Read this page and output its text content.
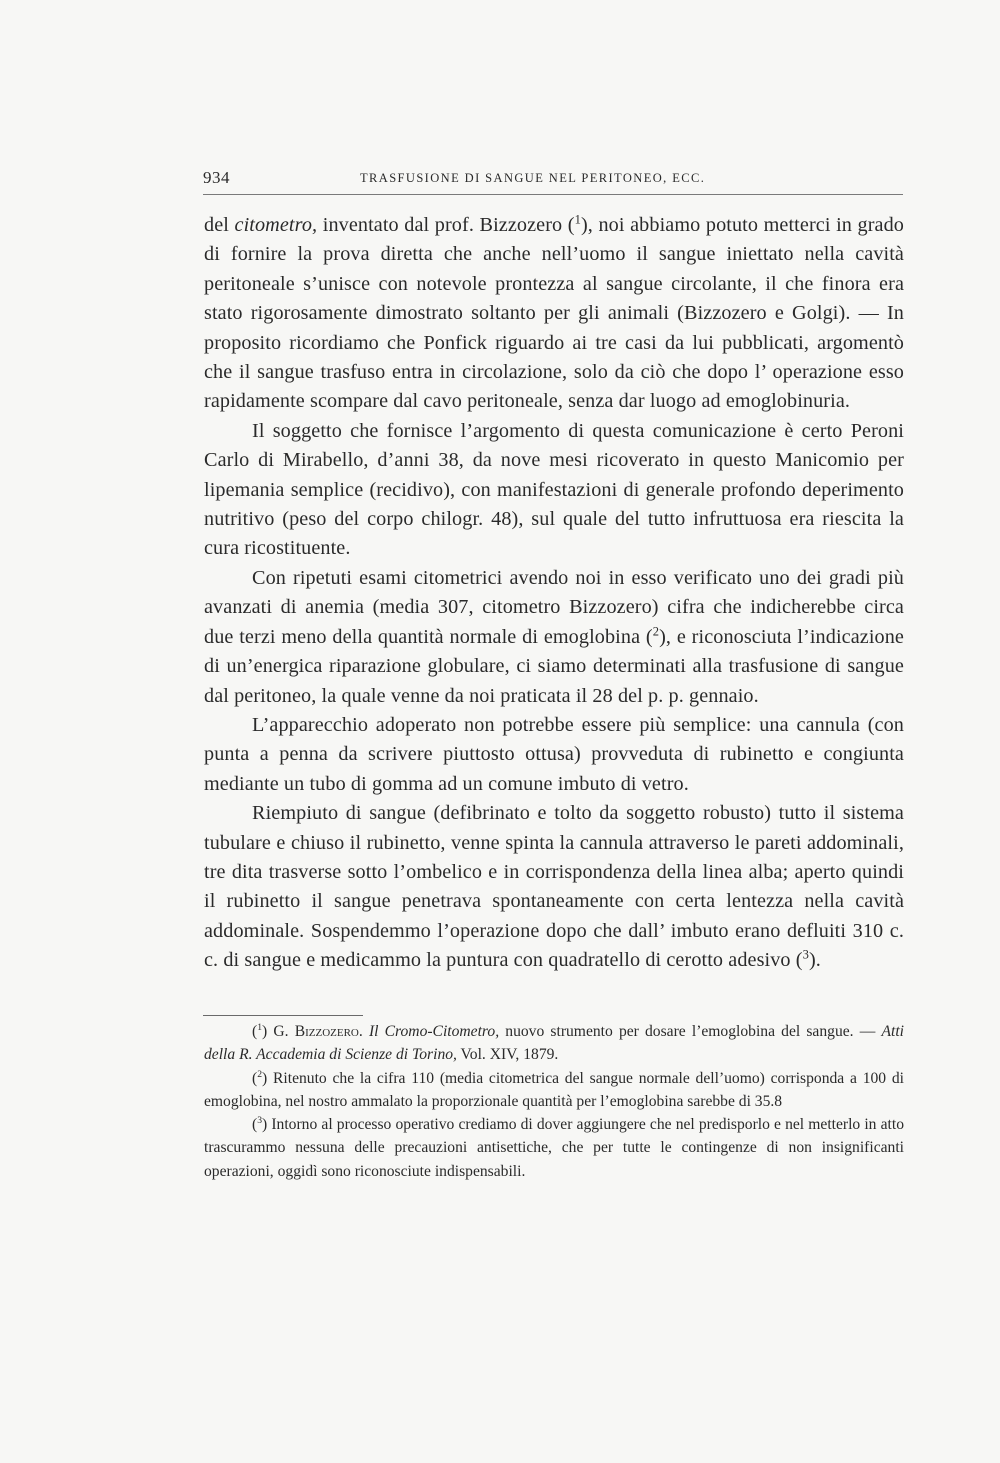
934	TRASFUSIONE DI SANGUE NEL PERITONEO, ECC.

del citometro, inventato dal prof. Bizzozero ($^1$), noi abbiamo potuto metterci in grado di fornire la prova diretta che anche nell’uomo il sangue iniettato nella cavità peritoneale s’unisce con notevole prontezza al sangue circolante, il che finora era stato rigorosamente dimostrato soltanto per gli animali (Bizzozero e Golgi). — In proposito ricordiamo che Ponfick riguardo ai tre casi da lui pubblicati, argomentò che il sangue trasfuso entra in circolazione, solo da ciò che dopo l’ operazione esso rapidamente scompare dal cavo peritoneale, senza dar luogo ad emoglobinuria.

Il soggetto che fornisce l’argomento di questa comunicazione è certo Peroni Carlo di Mirabello, d’anni 38, da nove mesi ricoverato in questo Manicomio per lipemania semplice (recidivo), con manifestazioni di generale profondo deperimento nutritivo (peso del corpo chilogr. 48), sul quale del tutto infruttuosa era riescita la cura ricostituente.

Con ripetuti esami citometrici avendo noi in esso verificato uno dei gradi più avanzati di anemia (media 307, citometro Bizzozero) cifra che indicherebbe circa due terzi meno della quantità normale di emoglobina ($^2$), e riconosciuta l’indicazione di un’energica riparazione globulare, ci siamo determinati alla trasfusione di sangue dal peritoneo, la quale venne da noi praticata il 28 del p. p. gennaio.

L’apparecchio adoperato non potrebbe essere più semplice: una cannula (con punta a penna da scrivere piuttosto ottusa) provveduta di rubinetto e congiunta mediante un tubo di gomma ad un comune imbuto di vetro.

Riempiuto di sangue (defibrinato e tolto da soggetto robusto) tutto il sistema tubulare e chiuso il rubinetto, venne spinta la cannula attraverso le pareti addominali, tre dita trasverse sotto l’ombelico e in corrispondenza della linea alba; aperto quindi il rubinetto il sangue penetrava spontaneamente con certa lentezza nella cavità addominale. Sospendemmo l’operazione dopo che dall’ imbuto erano defluiti 310 c. c. di sangue e medicammo la puntura con quadratello di cerotto adesivo ($^3$).

($^1$) G. Bizzozero. Il Cromo-Citometro, nuovo strumento per dosare l’emoglobina del sangue. — Atti della R. Accademia di Scienze di Torino, Vol. XIV, 1879.

($^2$) Ritenuto che la cifra 110 (media citometrica del sangue normale dell’uomo) corrisponda a 100 di emoglobina, nel nostro ammalato la proporzionale quantità per l’emoglobina sarebbe di 35.8

($^3$) Intorno al processo operativo crediamo di dover aggiungere che nel predisporlo e nel metterlo in atto trascurammo nessuna delle precauzioni antisettiche, che per tutte le contingenze di non insignificanti operazioni, oggidì sono riconosciute indispensabili.
